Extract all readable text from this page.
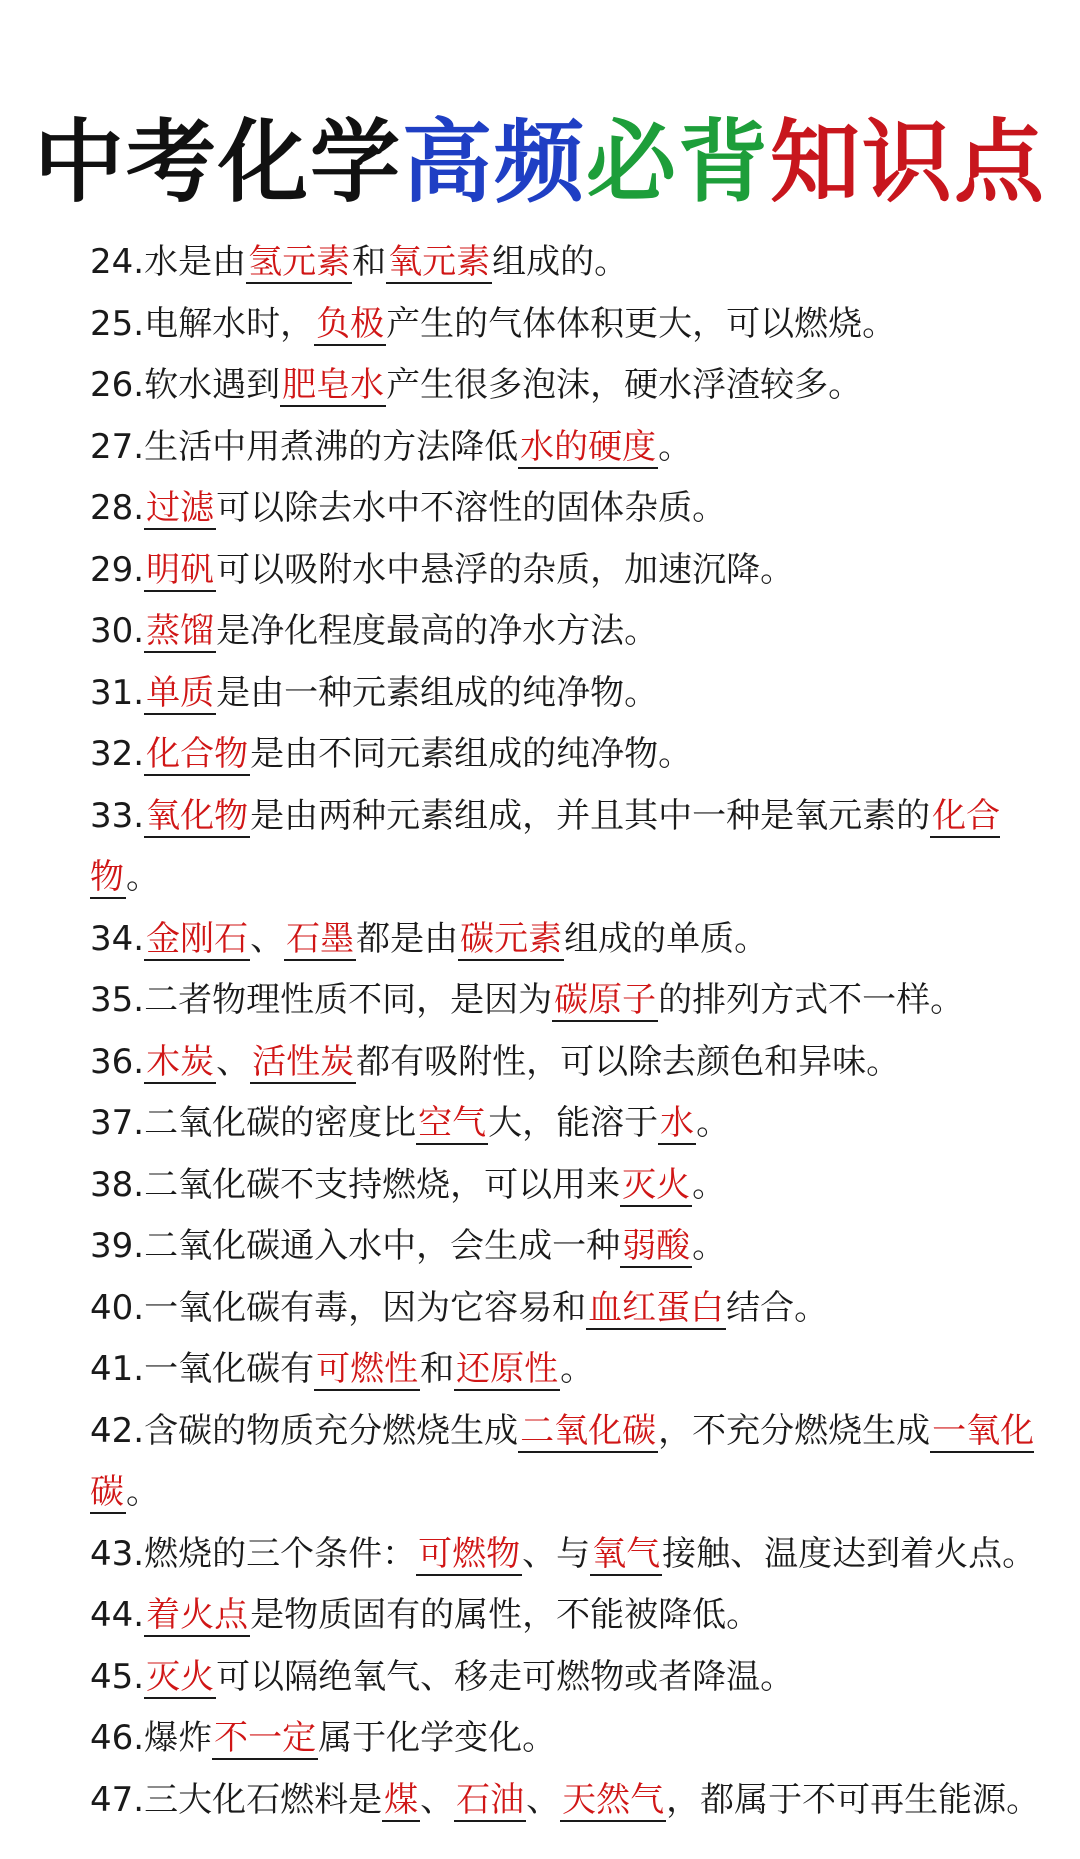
中考化学高频必背知识点
24.水是由氢元素和氧元素组成的。
25.电解水时，负极产生的气体体积更大，可以燃烧。
26.软水遇到肥皂水产生很多泡沫，硬水浮渣较多。
27.生活中用煮沸的方法降低水的硬度。
28.过滤可以除去水中不溶性的固体杂质。
29.明矾可以吸附水中悬浮的杂质，加速沉降。
30.蒸馏是净化程度最高的净水方法。
31.单质是由一种元素组成的纯净物。
32.化合物是由不同元素组成的纯净物。
33.氧化物是由两种元素组成，并且其中一种是氧元素的化合物。
34.金刚石、石墨都是由碳元素组成的单质。
35.二者物理性质不同，是因为碳原子的排列方式不一样。
36.木炭、活性炭都有吸附性，可以除去颜色和异味。
37.二氧化碳的密度比空气大，能溶于水。
38.二氧化碳不支持燃烧，可以用来灭火。
39.二氧化碳通入水中，会生成一种弱酸。
40.一氧化碳有毒，因为它容易和血红蛋白结合。
41.一氧化碳有可燃性和还原性。
42.含碳的物质充分燃烧生成二氧化碳，不充分燃烧生成一氧化碳。
43.燃烧的三个条件：可燃物、与氧气接触、温度达到着火点。
44.着火点是物质固有的属性，不能被降低。
45.灭火可以隔绝氧气、移走可燃物或者降温。
46.爆炸不一定属于化学变化。
47.三大化石燃料是煤、石油、天然气，都属于不可再生能源。
